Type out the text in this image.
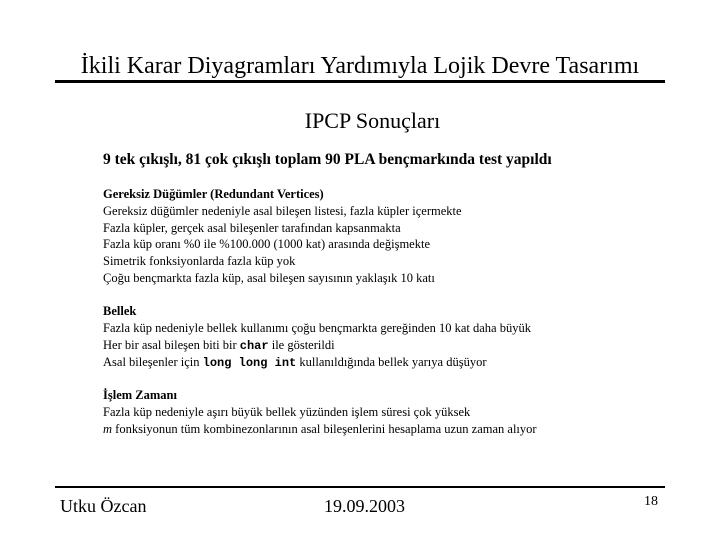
İkili Karar Diyagramları Yardımıyla Lojik Devre Tasarımı
IPCP Sonuçları
9 tek çıkışlı, 81 çok çıkışlı toplam 90 PLA bençmarkında test yapıldı
Gereksiz Düğümler (Redundant Vertices)
Gereksiz düğümler nedeniyle asal bileşen listesi, fazla küpler içermekte
Fazla küpler, gerçek asal bileşenler tarafından kapsanmakta
Fazla küp oranı %0 ile %100.000 (1000 kat) arasında değişmekte
Simetrik fonksiyonlarda fazla küp yok
Çoğu bençmarkta fazla küp, asal bileşen sayısının yaklaşık 10 katı
Bellek
Fazla küp nedeniyle bellek kullanımı çoğu bençmarkta gereğinden 10 kat daha büyük
Her bir asal bileşen biti bir char ile gösterildi
Asal bileşenler için long long int kullanıldığında bellek yarıya düşüyor
İşlem Zamanı
Fazla küp nedeniyle aşırı büyük bellek yüzünden işlem süresi çok yüksek
m fonksiyonun tüm kombinezonlarının asal bileşenlerini hesaplama uzun zaman alıyor
Utku Özcan	19.09.2003	18
